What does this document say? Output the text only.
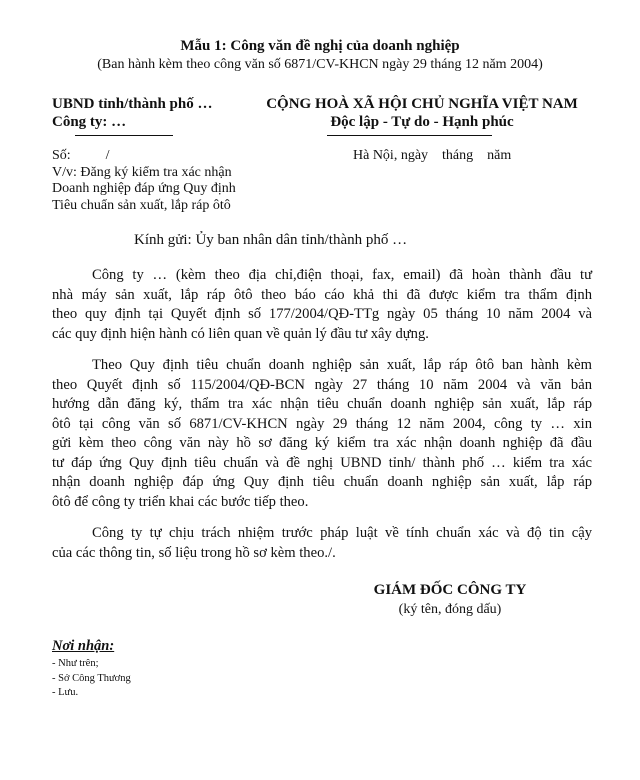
Mẫu 1: Công văn đề nghị của doanh nghiệp
(Ban hành kèm theo công văn số 6871/CV-KHCN ngày 29 tháng 12 năm 2004)
UBND tỉnh/thành phố …
Công ty: …
CỘNG HOÀ XÃ HỘI CHỦ NGHĨA VIỆT NAM
Độc lập - Tự do - Hạnh phúc
Số:          /
V/v: Đăng ký kiểm tra xác nhận
Doanh nghiệp đáp ứng Quy định
Tiêu chuẩn sản xuất, lắp ráp ôtô
Hà Nội, ngày    tháng    năm
Kính gửi: Ủy ban nhân dân tỉnh/thành phố …
Công ty … (kèm theo địa chỉ,điện thoại, fax, email) đã hoàn thành đầu tư
nhà máy sản xuất, lắp ráp ôtô theo báo cáo khả thi đã được kiểm tra thẩm định
theo quy định tại Quyết định số 177/2004/QĐ-TTg ngày 05 tháng 10 năm 2004 và
các quy định hiện hành có liên quan về quản lý đầu tư xây dựng.
Theo Quy định tiêu chuẩn doanh nghiệp sản xuất, lắp ráp ôtô ban hành kèm
theo Quyết định số 115/2004/QĐ-BCN ngày 27 tháng 10 năm 2004 và văn bản
hướng dẫn đăng ký, thẩm tra xác nhận tiêu chuẩn doanh nghiệp sản xuất, lắp ráp
ôtô tại công văn số 6871/CV-KHCN ngày 29 tháng 12 năm 2004, công ty … xin
gửi kèm theo công văn này hồ sơ đăng ký kiểm tra xác nhận doanh nghiệp đã đầu
tư đáp ứng Quy định tiêu chuẩn và đề nghị UBND tỉnh/ thành phố … kiểm tra xác
nhận doanh nghiệp đáp ứng Quy định tiêu chuẩn doanh nghiệp sản xuất, lắp ráp
ôtô để công ty triển khai các bước tiếp theo.
Công ty tự chịu trách nhiệm trước pháp luật về tính chuẩn xác và độ tin cậy
của các thông tin, số liệu trong hồ sơ kèm theo./.
GIÁM ĐỐC CÔNG TY
(ký tên, đóng dấu)
Nơi nhận:
- Như trên;
- Sở Công Thương
- Lưu.
